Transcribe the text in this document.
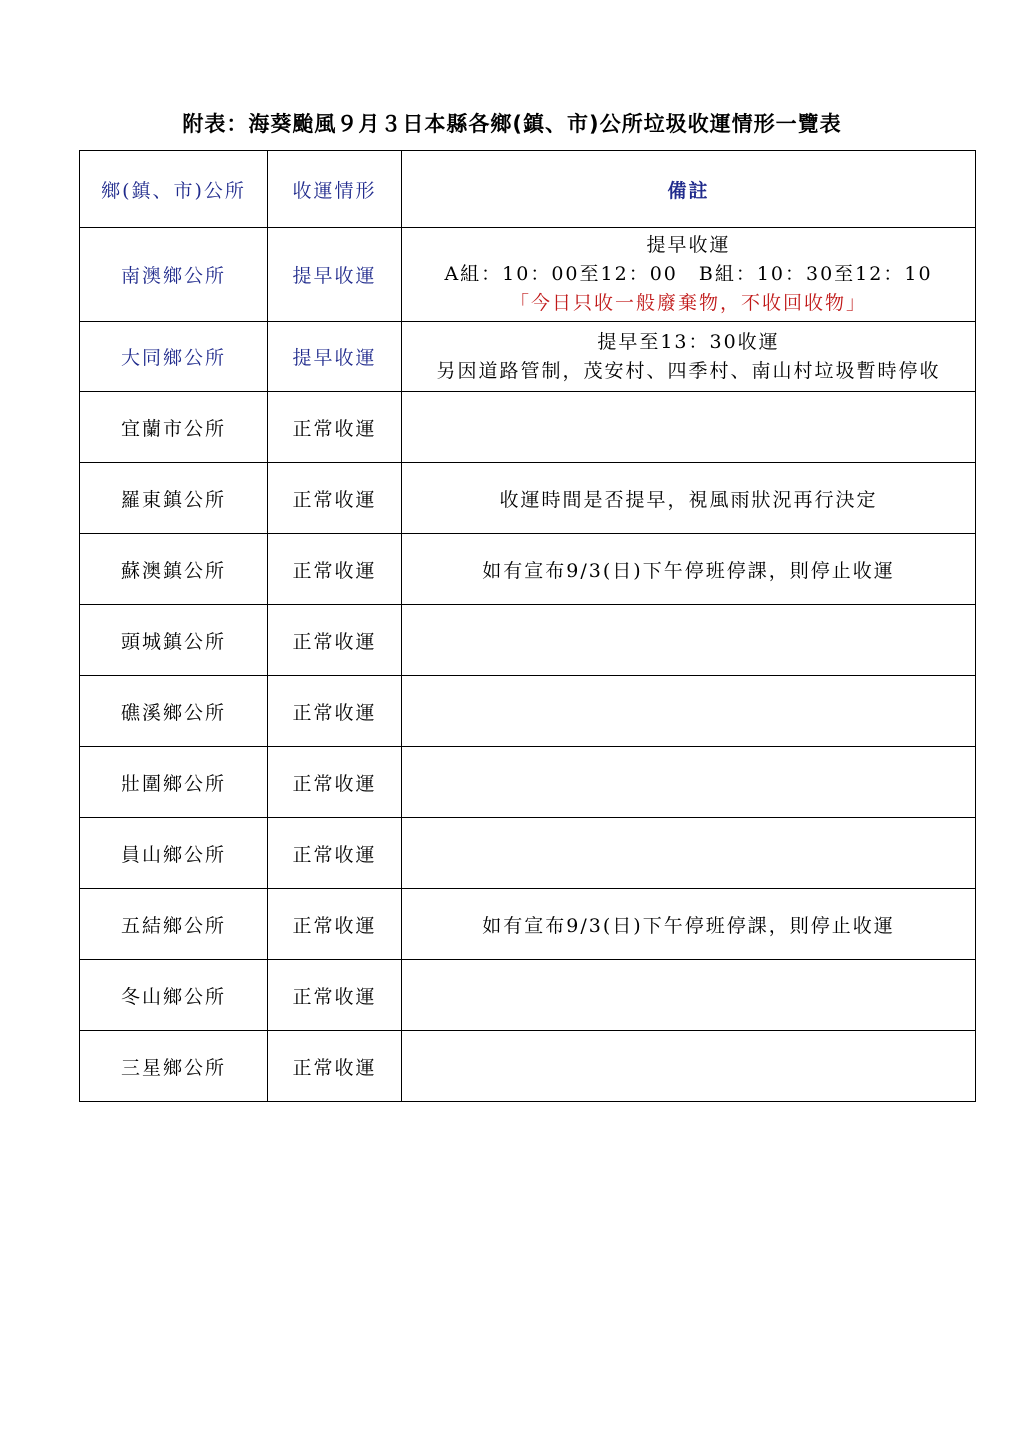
附表：海葵颱風９月３日本縣各鄉(鎮、市)公所垃圾收運情形一覽表
鄉(鎮、市)公所	收運情形	備註
南澳鄉公所	提早收運	提早收運
A組：10：00至12：00　B組：10：30至12：10
「今日只收一般廢棄物，不收回收物」

大同鄉公所	提早收運	提早至13：30收運
另因道路管制，茂安村、四季村、南山村垃圾暫時停收

宜蘭市公所	正常收運	
羅東鎮公所	正常收運	收運時間是否提早，視風雨狀況再行決定
蘇澳鎮公所	正常收運	如有宣布9/3(日)下午停班停課，則停止收運
頭城鎮公所	正常收運	
礁溪鄉公所	正常收運	
壯圍鄉公所	正常收運	
員山鄉公所	正常收運	
五結鄉公所	正常收運	如有宣布9/3(日)下午停班停課，則停止收運
冬山鄉公所	正常收運	
三星鄉公所	正常收運	
